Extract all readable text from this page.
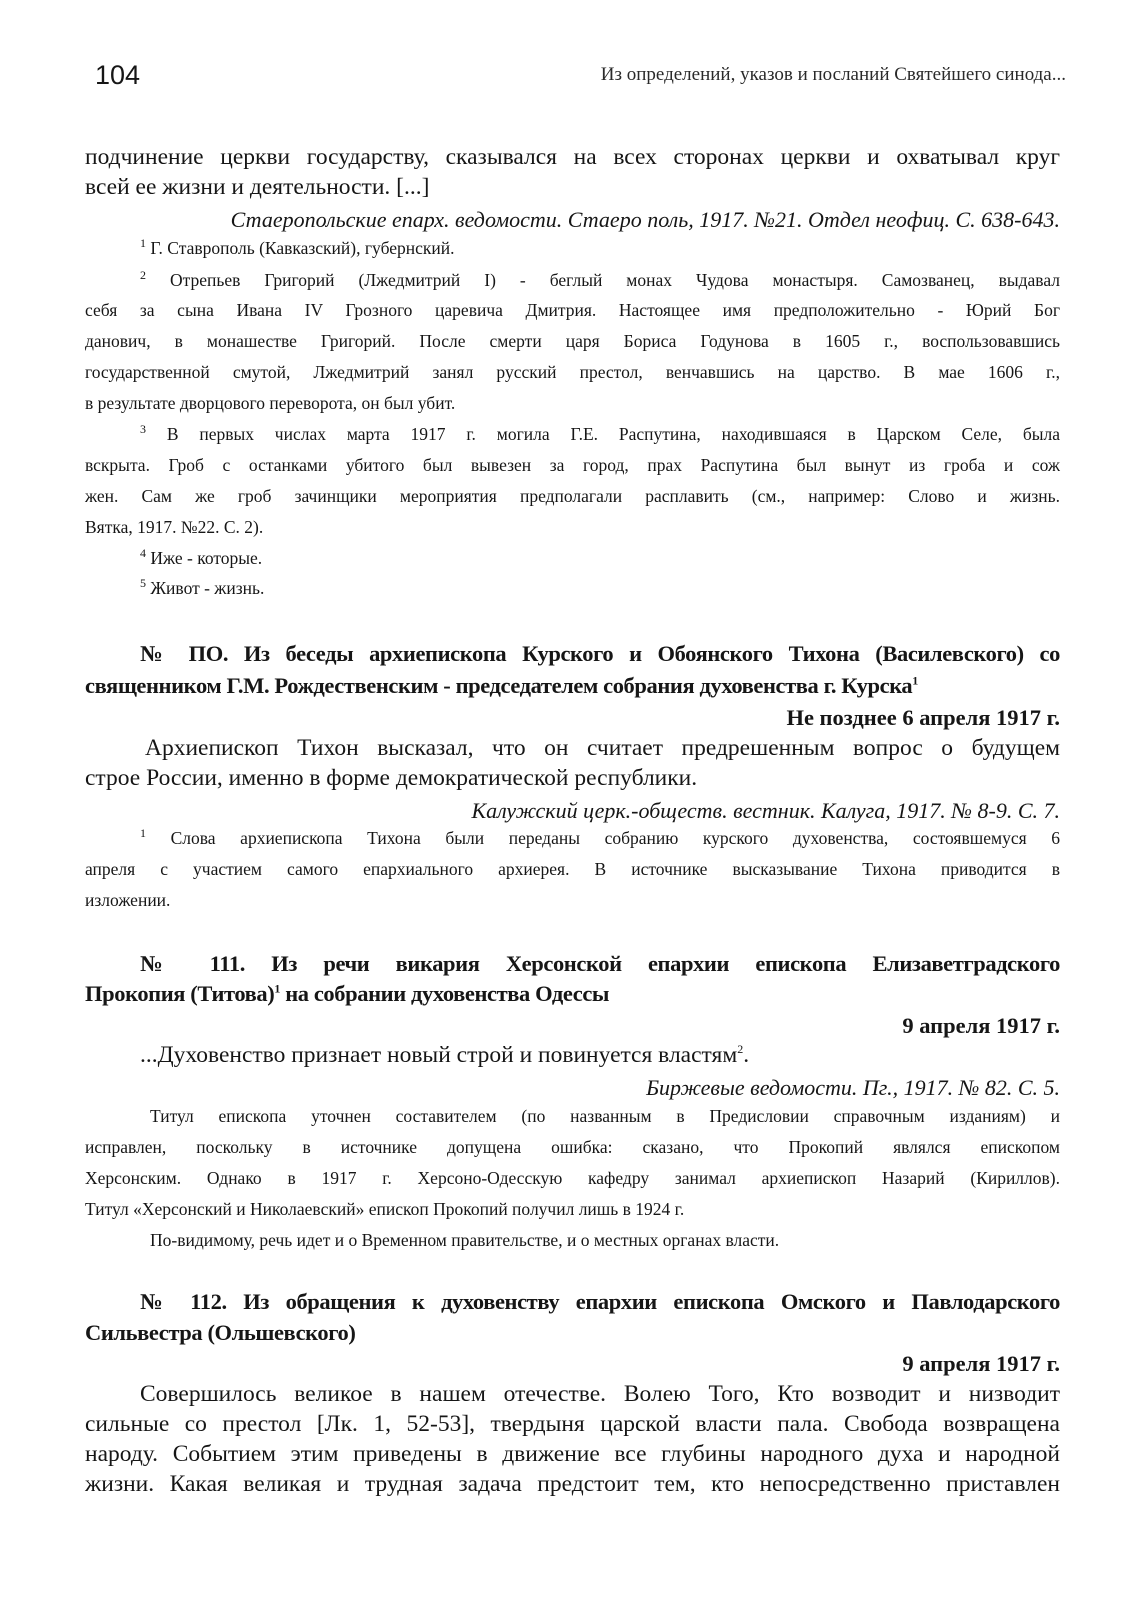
104	Из определений, указов и посланий Святейшего синода...
подчинение церкви государству, сказывался на всех сторонах церкви и охватывал круг
всей ее жизни и деятельности. [...]
Стаеропольские епарх. ведомости. Стаеро поль, 1917. №21. Отдел неофиц. С. 638-643.
$^1$ Г. Ставрополь (Кавказский), губернский.
$^2$ Отрепьев Григорий (Лжедмитрий I) - беглый монах Чудова монастыря. Самозванец, выдавал
себя за сына Ивана IV Грозного царевича Дмитрия. Настоящее имя предположительно - Юрий Бог
данович, в монашестве Григорий. После смерти царя Бориса Годунова в 1605 г., воспользовавшись
государственной смутой, Лжедмитрий занял русский престол, венчавшись на царство. В мае 1606 г.,
в результате дворцового переворота, он был убит.
$^3$ В первых числах марта 1917 г. могила Г.Е. Распутина, находившаяся в Царском Селе, была
вскрыта. Гроб с останками убитого был вывезен за город, прах Распутина был вынут из гроба и сож
жен. Сам же гроб зачинщики мероприятия предполагали расплавить (см., например: Слово и жизнь.
Вятка, 1917. №22. С. 2).
$^4$ Иже - которые.
$^5$ Живот - жизнь.
№ ПО. Из беседы архиепископа Курского и Обоянского Тихона (Василевского) со
священником Г.М. Рождественским - председателем собрания духовенства г. Курска$^1$
Не позднее 6 апреля 1917 г.
Архиепископ Тихон высказал, что он считает предрешенным вопрос о будущем
строе России, именно в форме демократической республики.
Калужский церк.-обществ. вестник. Калуга, 1917. № 8-9. С. 7.
$^1$ Слова архиепископа Тихона были переданы собранию курского духовенства, состоявшемуся 6
апреля с участием самого епархиального архиерея. В источнике высказывание Тихона приводится в
изложении.
№ 111. Из речи викария Херсонской епархии епископа Елизаветградского
Прокопия (Титова)$^1$ на собрании духовенства Одессы
9 апреля 1917 г.
...Духовенство признает новый строй и повинуется властям$^2$.
Биржевые ведомости. Пг., 1917. № 82. С. 5.
Титул епископа уточнен составителем (по названным в Предисловии справочным изданиям) и
исправлен, поскольку в источнике допущена ошибка: сказано, что Прокопий являлся епископом
Херсонским. Однако в 1917 г. Херсоно-Одесскую кафедру занимал архиепископ Назарий (Кириллов).
Титул «Херсонский и Николаевский» епископ Прокопий получил лишь в 1924 г.
По-видимому, речь идет и о Временном правительстве, и о местных органах власти.
№ 112. Из обращения к духовенству епархии епископа Омского и Павлодарского
Сильвестра (Ольшевского)
9 апреля 1917 г.
Совершилось великое в нашем отечестве. Волею Того, Кто возводит и низводит
сильные со престол [Лк. 1, 52-53], твердыня царской власти пала. Свобода возвращена
народу. Событием этим приведены в движение все глубины народного духа и народной
жизни. Какая великая и трудная задача предстоит тем, кто непосредственно приставлен
